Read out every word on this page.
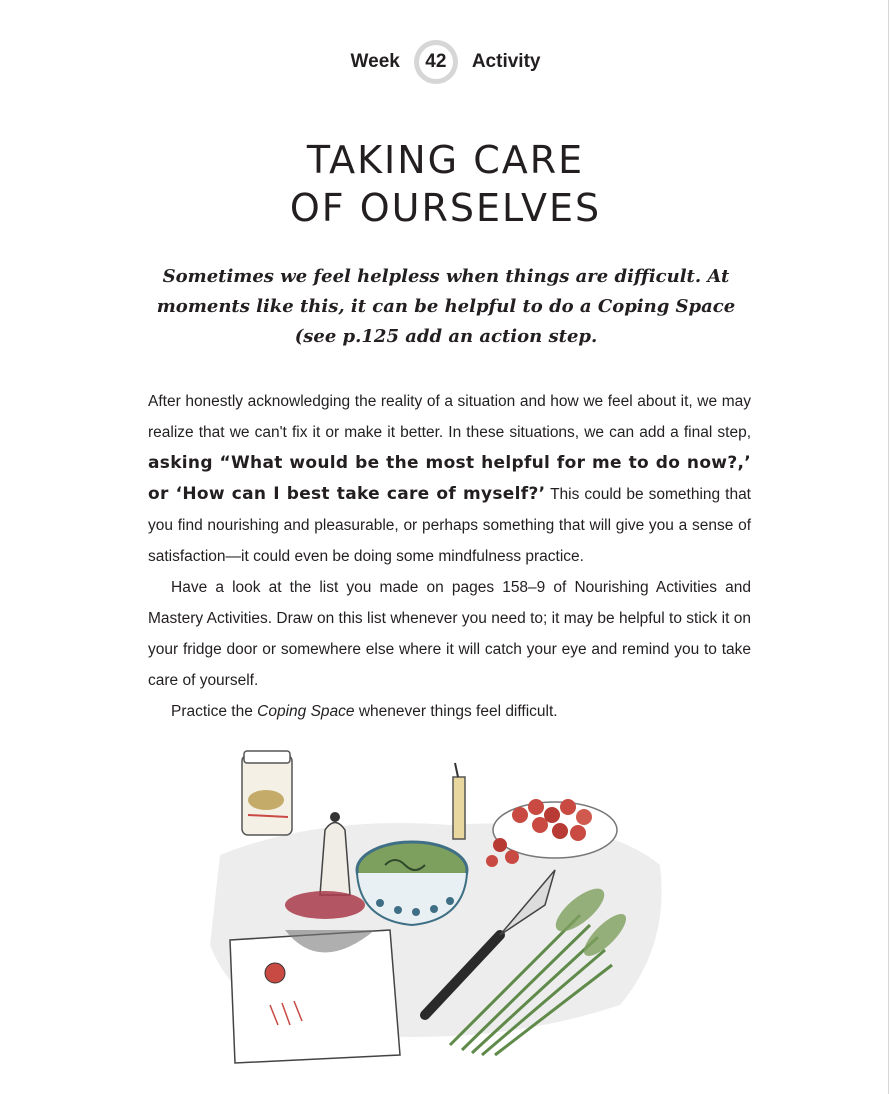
Week	42	Activity
TAKING CARE
OF OURSELVES
Sometimes we feel helpless when things are difficult. At moments like this, it can be helpful to do a Coping Space (see p.125 add an action step.

After honestly acknowledging the reality of a situation and how we feel about it, we may realize that we can't fix it or make it better. In these situations, we can add a final step, asking “What would be the most helpful for me to do now?,’ or ‘How can I best take care of myself?’ This could be something that you find nourishing and pleasurable, or perhaps something that will give you a sense of satisfaction—it could even be doing some mindfulness practice.

Have a look at the list you made on pages 158–9 of Nourishing Activities and Mastery Activities. Draw on this list whenever you need to; it may be helpful to stick it on your fridge door or somewhere else where it will catch your eye and remind you to take care of yourself.

Practice the Coping Space whenever things feel difficult.
